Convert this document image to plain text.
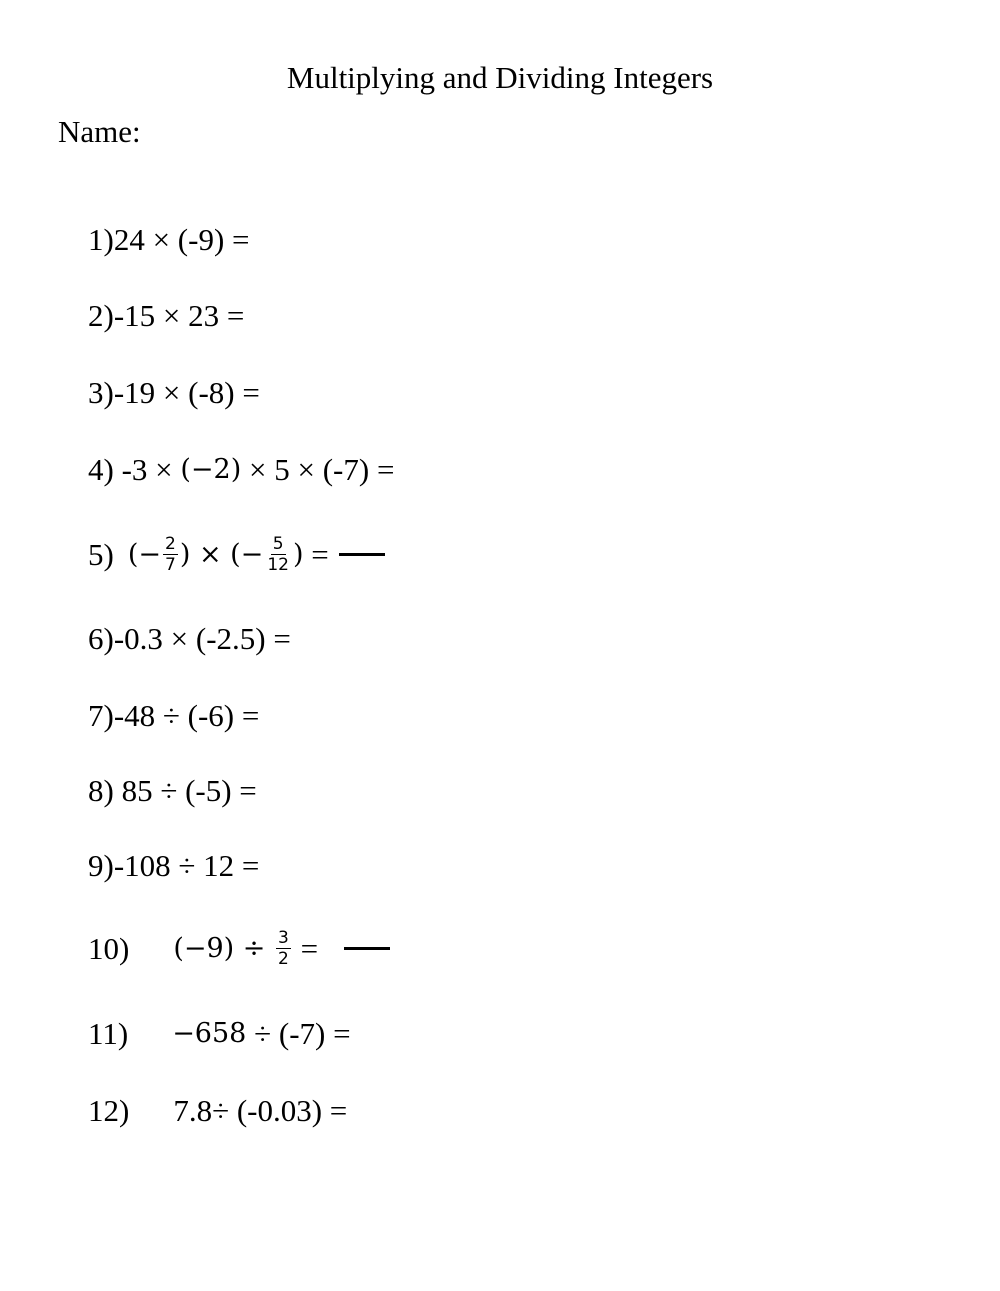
Multiplying and Dividing Integers
Name:
1) 24 × (-9) =
2) -15 × 23 =
3) -19 × (-8) =
4) -3 × (−2) × 5 × (-7) =
5) (− $\frac{2}{7}$ ) × (− $\frac{5}{12}$ ) =
6) -0.3 × (-2.5) =
7) -48 ÷ (-6) =
8) 85 ÷ (-5) =
9) -108 ÷ 12 =
10) $(-9) \div \frac{3}{2}$ =
11) −658 ÷ (-7) =
12) 7.8÷ (-0.03) =
